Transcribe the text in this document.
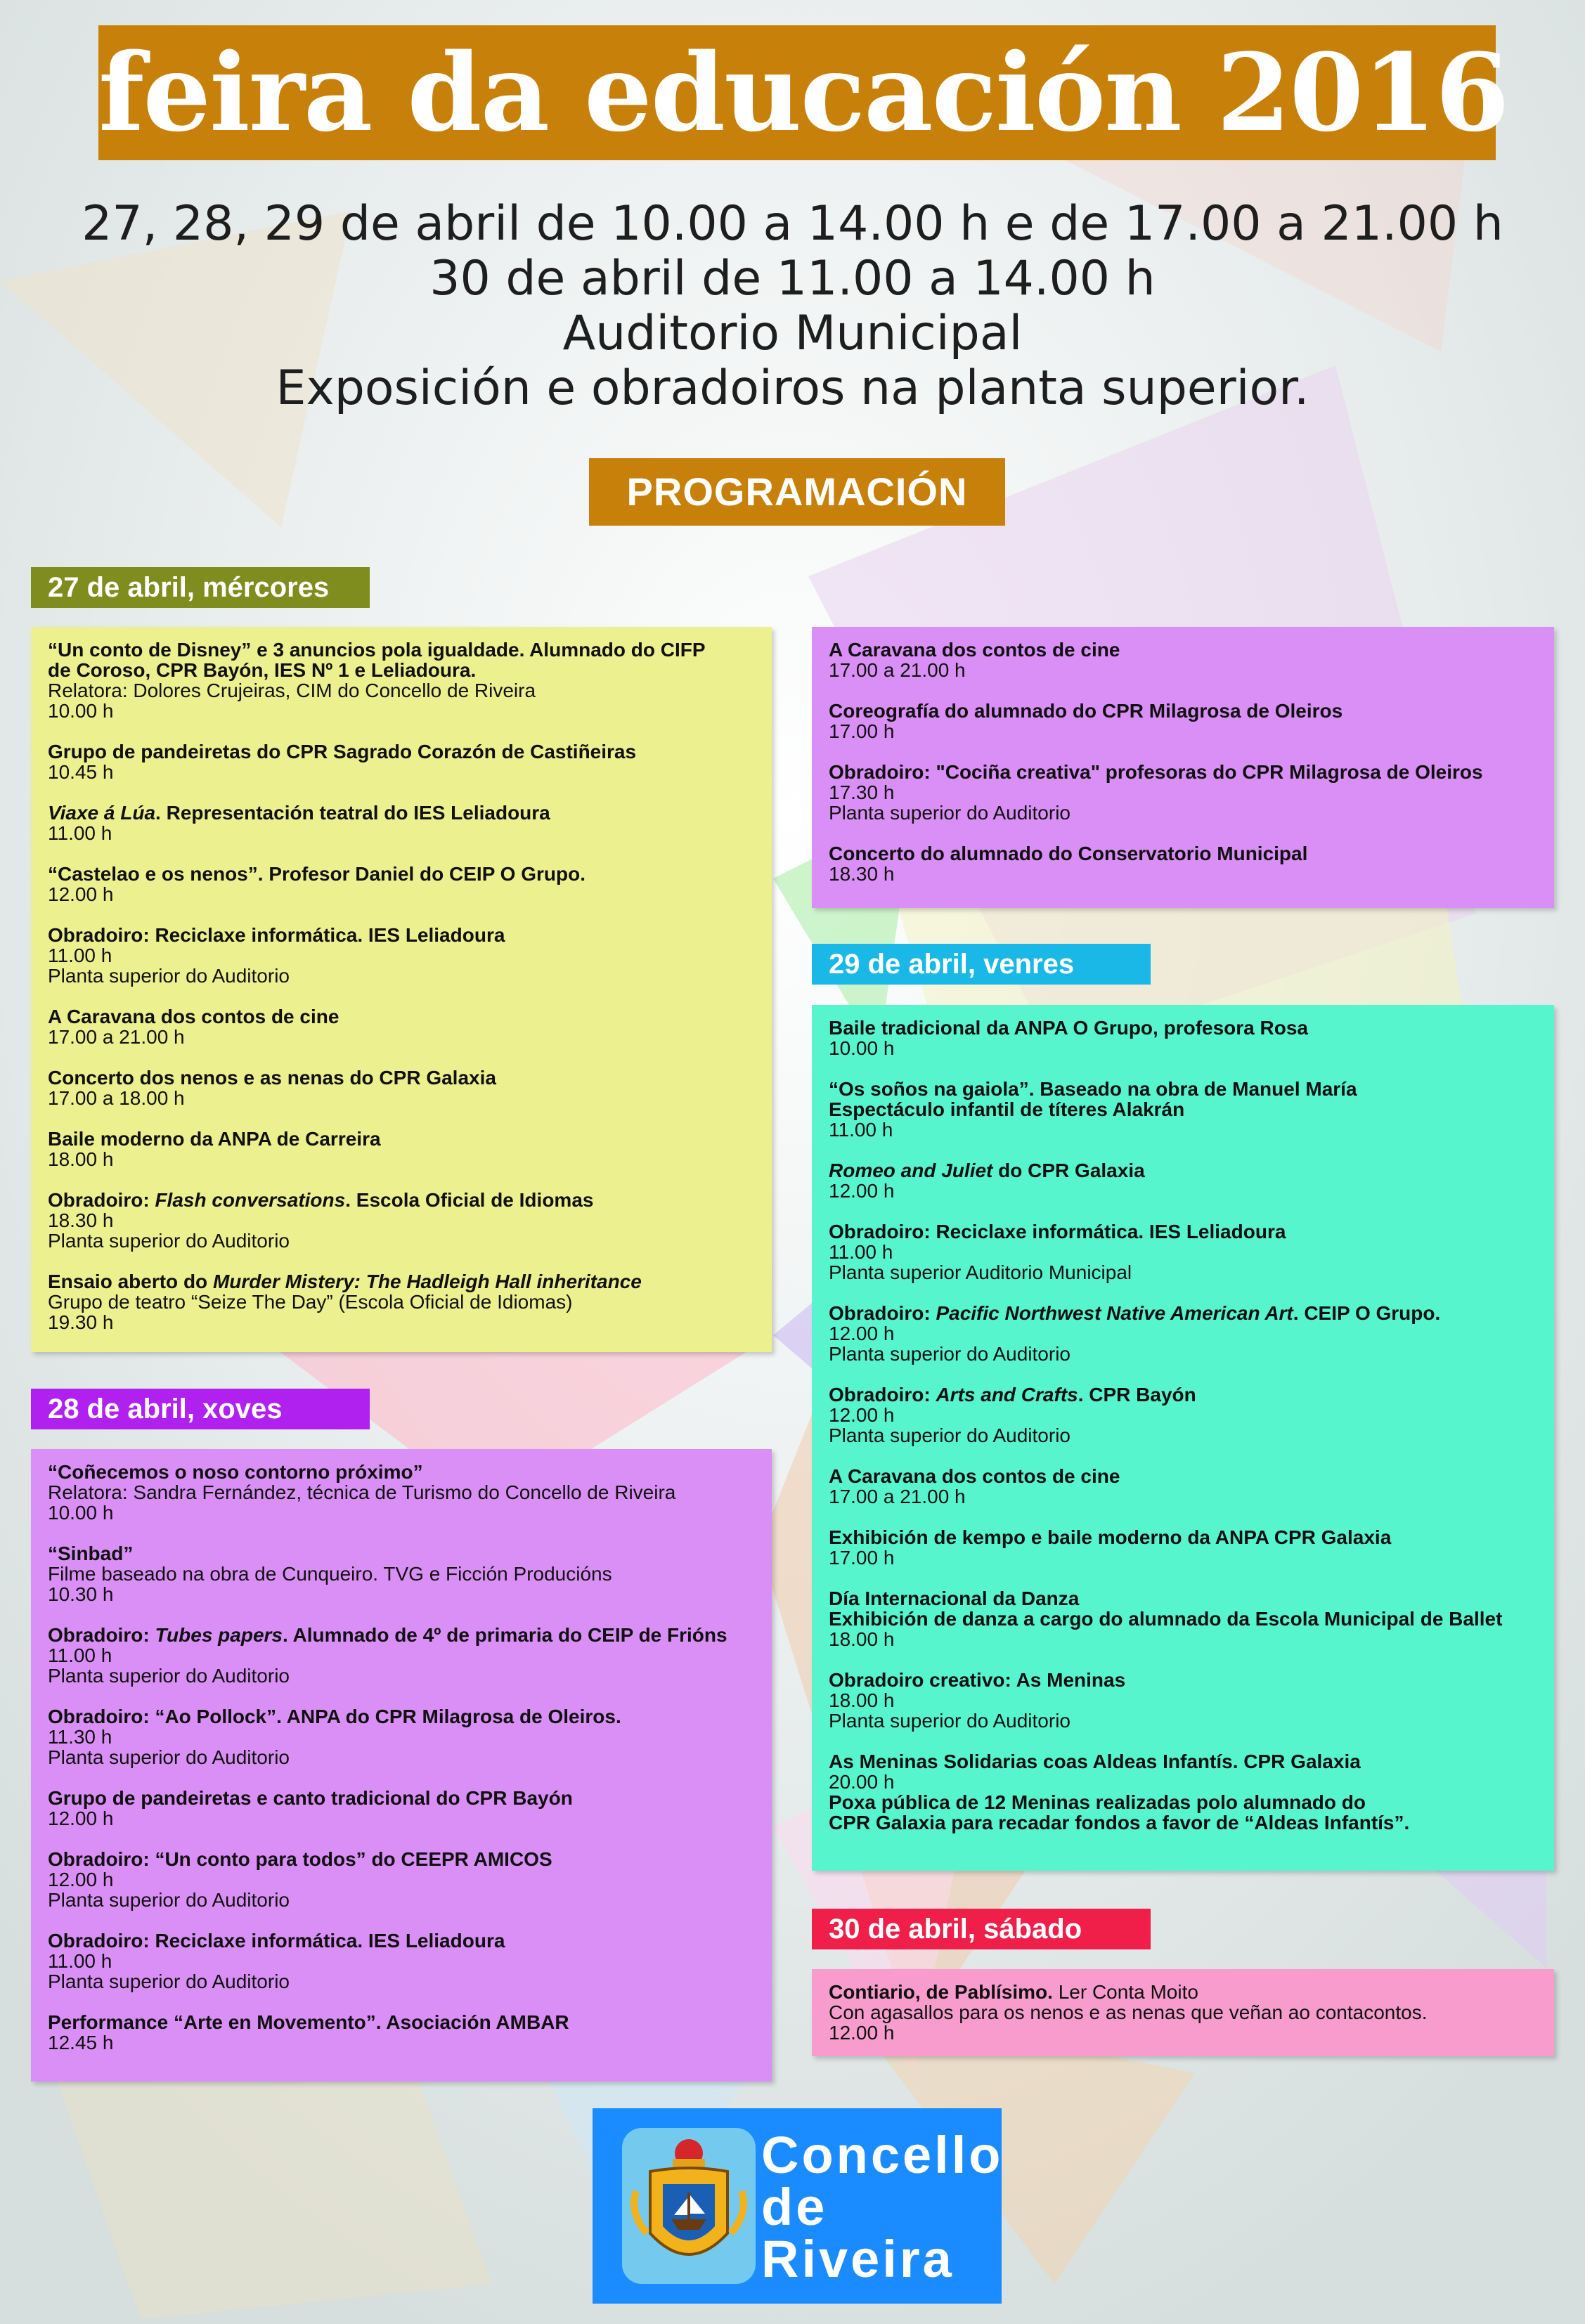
feira da educación 2016
27, 28, 29 de abril de 10.00 a 14.00 h e de 17.00 a 21.00 h
30 de abril de 11.00 a 14.00 h
Auditorio Municipal
Exposición e obradoiros na planta superior.
PROGRAMACIÓN
27 de abril, mércores
“Un conto de Disney” e 3 anuncios pola igualdade. Alumnado do CIFP
de Coroso, CPR Bayón, IES Nº 1 e Leliadoura.
Relatora: Dolores Crujeiras, CIM do Concello de Riveira
10.00 h
Grupo de pandeiretas do CPR Sagrado Corazón de Castiñeiras
10.45 h
Viaxe á Lúa. Representación teatral do IES Leliadoura
11.00 h
“Castelao e os nenos”. Profesor Daniel do CEIP O Grupo.
12.00 h
Obradoiro: Reciclaxe informática. IES Leliadoura
11.00 h
Planta superior do Auditorio
A Caravana dos contos de cine
17.00 a 21.00 h
Concerto dos nenos e as nenas do CPR Galaxia
17.00 a 18.00 h
Baile moderno da ANPA de Carreira
18.00 h
Obradoiro: Flash conversations. Escola Oficial de Idiomas
18.30 h
Planta superior do Auditorio
Ensaio aberto do Murder Mistery: The Hadleigh Hall inheritance
Grupo de teatro “Seize The Day” (Escola Oficial de Idiomas)
19.30 h
28 de abril, xoves
“Coñecemos o noso contorno próximo”
Relatora: Sandra Fernández, técnica de Turismo do Concello de Riveira
10.00 h
“Sinbad”
Filme baseado na obra de Cunqueiro. TVG e Ficción Producións
10.30 h
Obradoiro: Tubes papers. Alumnado de 4º de primaria do CEIP de Frións
11.00 h
Planta superior do Auditorio
Obradoiro: “Ao Pollock”. ANPA do CPR Milagrosa de Oleiros.
11.30 h
Planta superior do Auditorio
Grupo de pandeiretas e canto tradicional do CPR Bayón
12.00 h
Obradoiro: “Un conto para todos” do CEEPR AMICOS
12.00 h
Planta superior do Auditorio
Obradoiro: Reciclaxe informática. IES Leliadoura
11.00 h
Planta superior do Auditorio
Performance “Arte en Movemento”. Asociación AMBAR
12.45 h
A Caravana dos contos de cine
17.00 a 21.00 h
Coreografía do alumnado do CPR Milagrosa de Oleiros
17.00 h
Obradoiro: "Cociña creativa" profesoras do CPR Milagrosa de Oleiros
17.30 h
Planta superior do Auditorio
Concerto do alumnado do Conservatorio Municipal
18.30 h
29 de abril, venres
Baile tradicional da ANPA O Grupo, profesora Rosa
10.00 h
“Os soños na gaiola”. Baseado na obra de Manuel María
Espectáculo infantil de títeres Alakrán
11.00 h
Romeo and Juliet do CPR Galaxia
12.00 h
Obradoiro: Reciclaxe informática. IES Leliadoura
11.00 h
Planta superior Auditorio Municipal
Obradoiro: Pacific Northwest Native American Art. CEIP O Grupo.
12.00 h
Planta superior do Auditorio
Obradoiro: Arts and Crafts. CPR Bayón
12.00 h
Planta superior do Auditorio
A Caravana dos contos de cine
17.00 a 21.00 h
Exhibición de kempo e baile moderno da ANPA CPR Galaxia
17.00 h
Día Internacional da Danza
Exhibición de danza a cargo do alumnado da Escola Municipal de Ballet
18.00 h
Obradoiro creativo: As Meninas
18.00 h
Planta superior do Auditorio
As Meninas Solidarias coas Aldeas Infantís. CPR Galaxia
20.00 h
Poxa pública de 12 Meninas realizadas polo alumnado do
CPR Galaxia para recadar fondos a favor de “Aldeas Infantís”.
30 de abril, sábado
Contiario, de Pablísimo. Ler Conta Moito
Con agasallos para os nenos e as nenas que veñan ao contacontos.
12.00 h
Concello
de
Riveira
